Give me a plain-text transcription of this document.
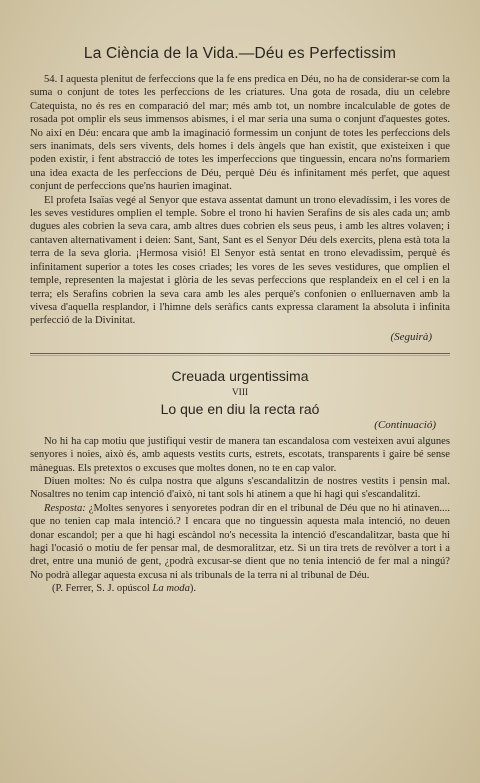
La Ciència de la Vida.—Déu es Perfectissim

54. I aquesta plenitut de ferfeccions que la fe ens predica en Déu, no ha de considerar-se com la suma o conjunt de totes les perfeccions de les criatures. Una gota de rosada, diu un celebre Catequista, no és res en comparació del mar; més amb tot, un nombre incalculable de gotes de rosada pot omplir els seus immensos abismes, i el mar seria una suma o conjunt d'aquestes gotes. No així en Déu: encara que amb la imaginació formessim un conjunt de totes les perfeccions dels sers inanimats, dels sers vivents, dels homes i dels àngels que han existit, que existeixen i que poden existir, i fent abstracció de totes les imperfeccions que tinguessin, encara no'ns formariem una idea exacta de les perfeccions de Déu, perquè Déu és infinitament més perfet, que aquest conjunt de perfeccions que'ns haurien imaginat.

El profeta Isaïas vegé al Senyor que estava assentat damunt un trono elevadíssim, i les vores de les seves vestidures omplien el temple. Sobre el trono hi havien Serafins de sis ales cada un; amb dugues ales cobrien la seva cara, amb altres dues cobrien els seus peus, i amb les altres volaven; i cantaven alternativament i deien: Sant, Sant, Sant es el Senyor Déu dels exercits, plena està tota la terra de la seva gloria. ¡Hermosa visió! El Senyor està sentat en trono elevadissim, perquè és infinitament superior a totes les coses criades; les vores de les seves vestidures, que omplien el temple, representen la majestat i glòria de les sevas perfeccions que resplandeix en el cel i en la terra; els Serafins cobrien la seva cara amb les ales perquè's confonien o enlluernaven amb la vivesa d'aquella resplandor, i l'himne dels seràfics cants expressa clarament la absoluta i infinita perfecció de la Divinitat.

(Seguirà)
Creuada urgentissima
VIII
Lo que en diu la recta raó
(Continuació)

No hi ha cap motiu que justifiqui vestir de manera tan escandalosa com vesteixen avui algunes senyores i noies, això és, amb aquests vestits curts, estrets, escotats, transparents i gaire bé sense màneguas. Els pretextos o excuses que moltes donen, no te en cap valor.

Diuen moltes: No és culpa nostra que alguns s'escandalitzin de nostres vestits i pensin mal. Nosaltres no tenim cap intenció d'això, ni tant sols hi atinem a que hi hagi qui s'escandalitzi.

Resposta: ¿Moltes senyores i senyoretes podran dir en el tribunal de Déu que no hi atinaven.... que no tenien cap mala intenció.? I encara que no tinguessin aquesta mala intenció, no deuen donar escandol; per a que hi hagi escàndol no's necessita la intenció d'escandalitzar, basta que hi hagi l'ocasió o motiu de fer pensar mal, de desmoralitzar, etz. Si un tira trets de revòlver a tort i a dret, entre una munió de gent, ¿podrà excusar-se dient que no tenia intenció de fer mal a ningú? No podrà allegar aquesta excusa ni als tribunals de la terra ni al tribunal de Déu.

(P. Ferrer, S. J. opúscol La moda).
